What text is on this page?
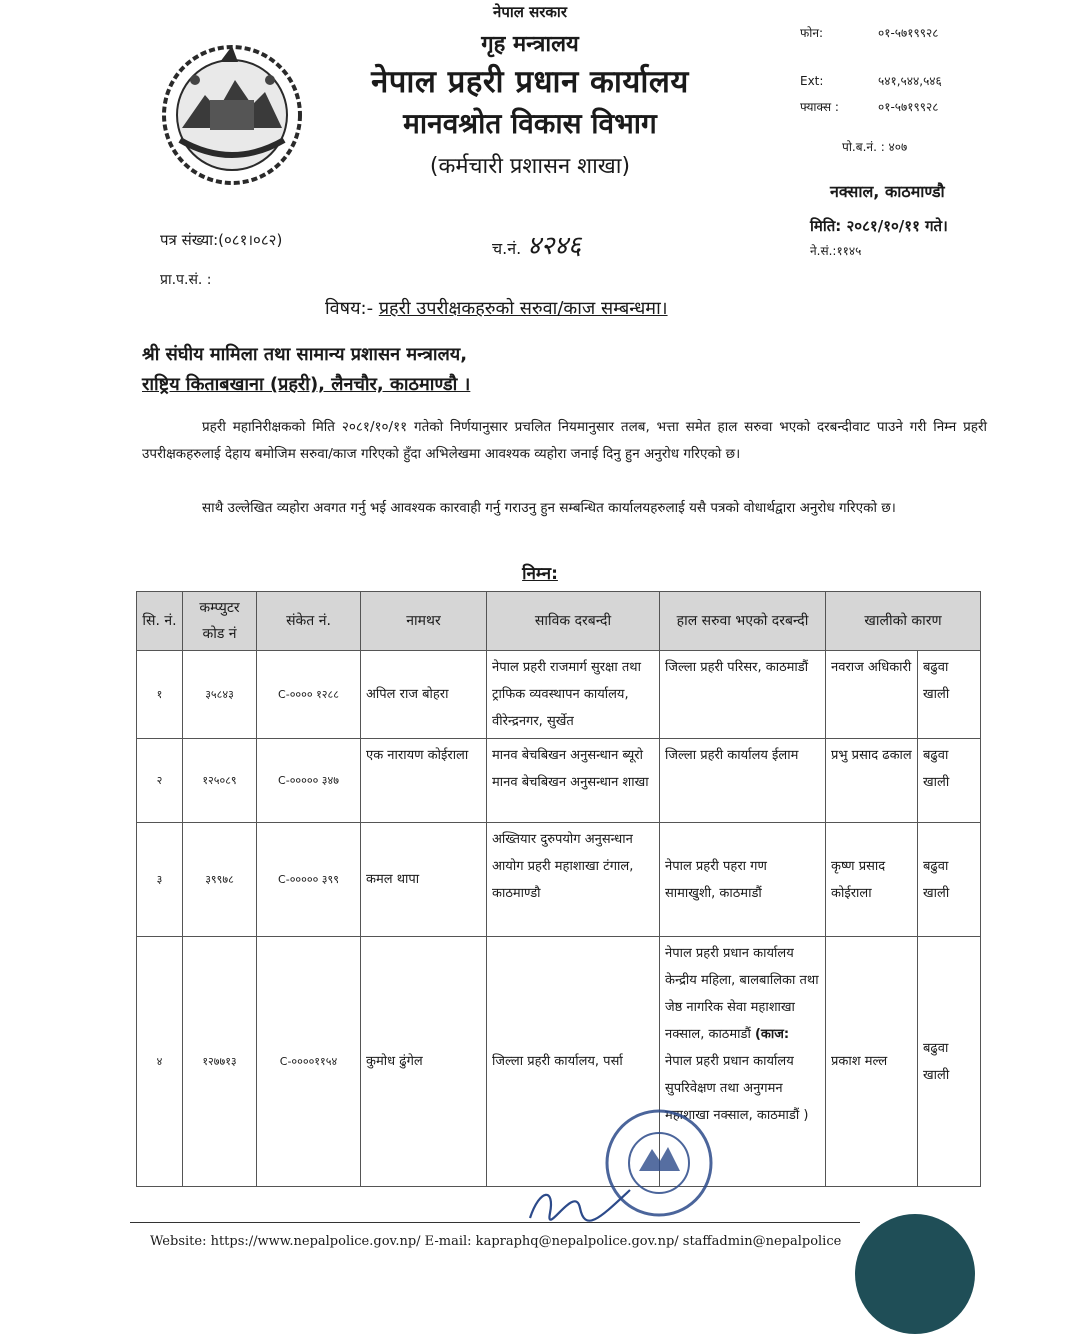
नेपाल सरकार
गृह मन्त्रालय
नेपाल प्रहरी प्रधान कार्यालय
मानवश्रोत विकास विभाग
(कर्मचारी प्रशासन शाखा)
फोन:	०१-५७१९९२८
Ext:	५४१,५४४,५४६
फ्याक्स :	०१-५७१९९२८
पो.ब.नं. : ४०७
नक्साल, काठमाण्डौ
मिति: २०८१/१०/११ गते।
ने.सं.:११४५
पत्र संख्या:(०८१।०८२)	च.नं. ४२४६
प्रा.प.सं. :
विषय:- प्रहरी उपरीक्षकहरुको सरुवा/काज सम्बन्धमा।
श्री संघीय मामिला तथा सामान्य प्रशासन मन्त्रालय,
राष्ट्रिय किताबखाना (प्रहरी), लैनचौर, काठमाण्डौ ।
प्रहरी महानिरीक्षकको मिति २०८१/१०/११ गतेको निर्णयानुसार प्रचलित नियमानुसार तलब, भत्ता समेत हाल सरुवा भएको दरबन्दीवाट पाउने गरी निम्न प्रहरी उपरीक्षकहरुलाई देहाय बमोजिम सरुवा/काज गरिएको हुँदा अभिलेखमा आवश्यक व्यहोरा जनाई दिनु हुन अनुरोध गरिएको छ।
साथै उल्लेखित व्यहोरा अवगत गर्नु भई आवश्यक कारवाही गर्नु गराउनु हुन सम्बन्धित कार्यालयहरुलाई यसै पत्रको वोधार्थद्वारा अनुरोध गरिएको छ।
निम्न:
सि. नं.	कम्प्युटर कोड नं	संकेत नं.	नामथर	साविक दरबन्दी	हाल सरुवा भएको दरबन्दी	खालीको कारण	
१	३५८४३	C-०००० १२८८	अपिल राज बोहरा	नेपाल प्रहरी राजमार्ग सुरक्षा तथा ट्राफिक व्यवस्थापन कार्यालय, वीरेन्द्रनगर, सुर्खेत	जिल्ला प्रहरी परिसर, काठमाडौं	नवराज अधिकारी	बढुवा खाली
२	१२५०८९	C-००००० ३४७	एक नारायण कोईराला	मानव बेचबिखन अनुसन्धान ब्यूरो मानव बेचबिखन अनुसन्धान शाखा	जिल्ला प्रहरी कार्यालय ईलाम	प्रभु प्रसाद ढकाल	बढुवा खाली
३	३९९७८	C-००००० ३९९	कमल थापा	अख्तियार दुरुपयोग अनुसन्धान आयोग प्रहरी महाशाखा टंगाल, काठमाण्डौ	नेपाल प्रहरी पहरा गण सामाखुशी, काठमाडौं	कृष्ण प्रसाद कोईराला	बढुवा खाली
४	१२७७१३	C-००००११५४	कुमोध ढुंगेल	जिल्ला प्रहरी कार्यालय, पर्सा	नेपाल प्रहरी प्रधान कार्यालय केन्द्रीय महिला, बालबालिका तथा जेष्ठ नागरिक सेवा महाशाखा नक्साल, काठमाडौं (काज: नेपाल प्रहरी प्रधान कार्यालय सुपरिवेक्षण तथा अनुगमन महाशाखा नक्साल, काठमाडौं )	प्रकाश मल्ल	बढुवा खाली
Website: https://www.nepalpolice.gov.np/ E-mail: kapraphq@nepalpolice.gov.np/ staffadmin@nepalpolice
